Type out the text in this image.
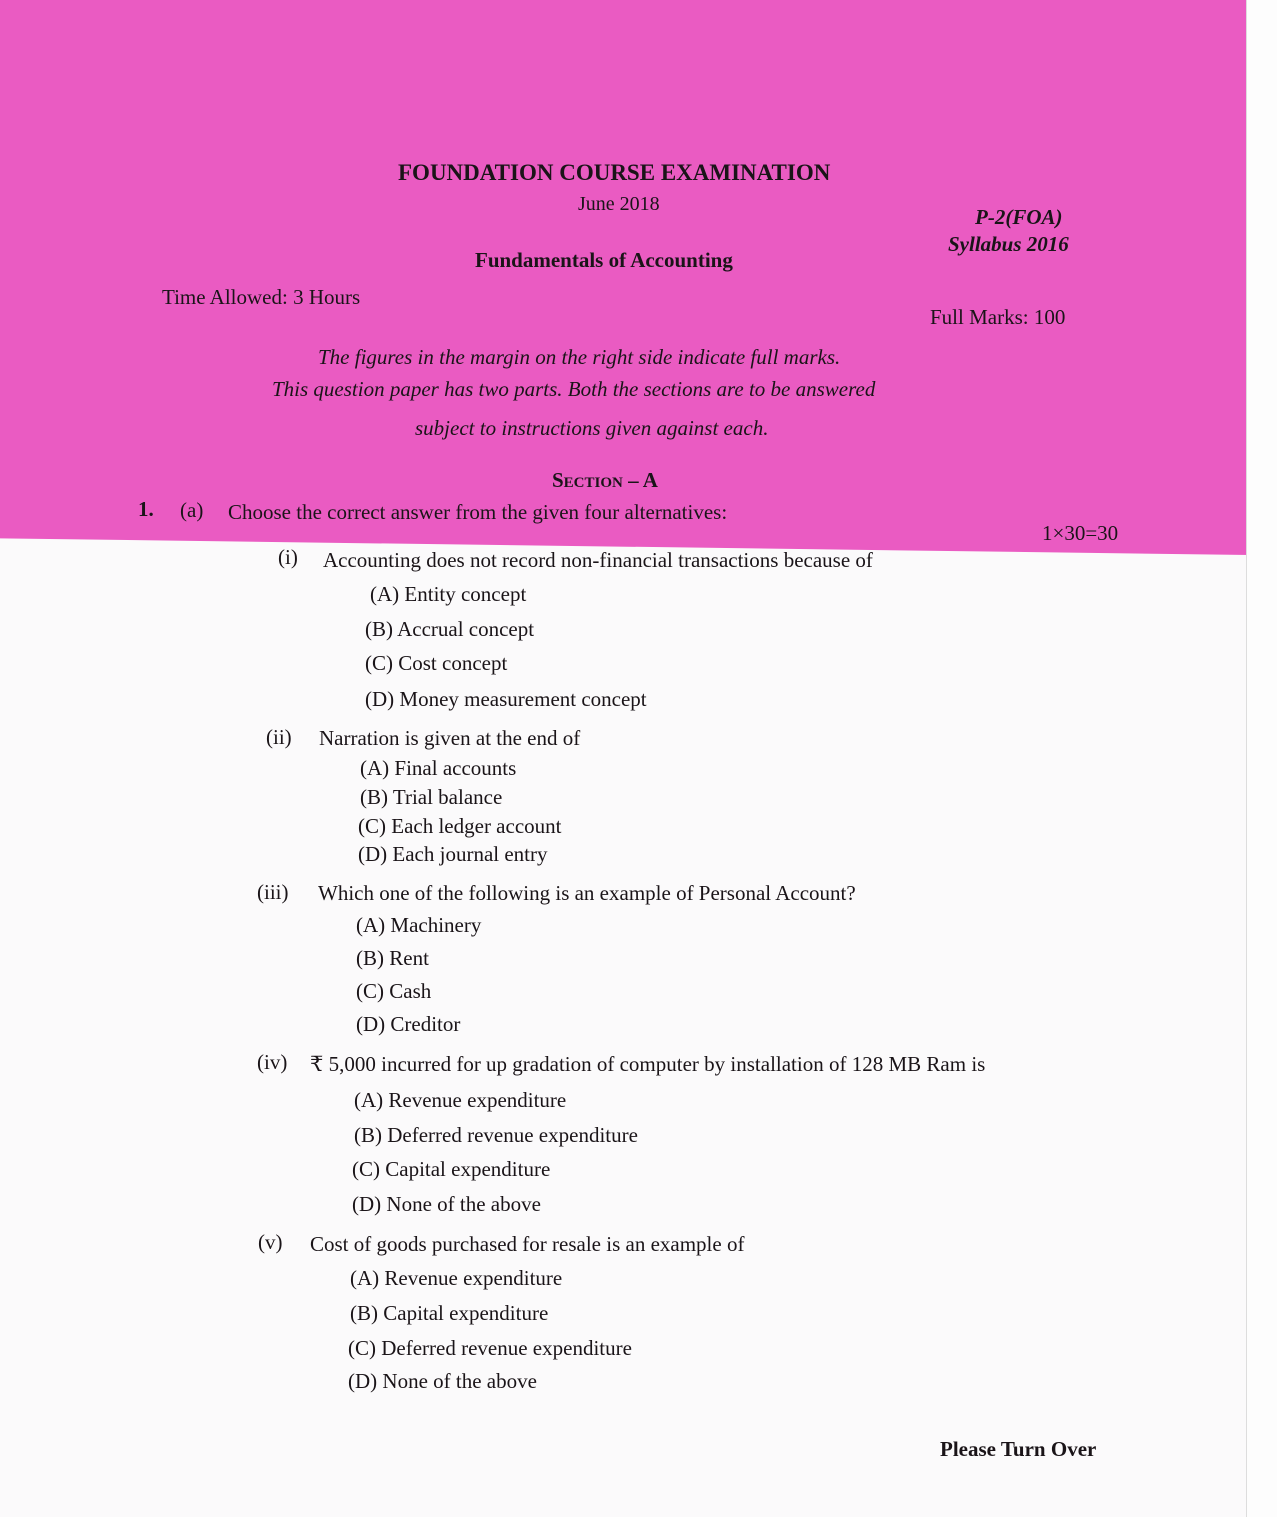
FOUNDATION COURSE EXAMINATION
June 2018
P-2(FOA)
Syllabus 2016
Fundamentals of Accounting
Time Allowed: 3 Hours
Full Marks: 100
The figures in the margin on the right side indicate full marks.
This question paper has two parts. Both the sections are to be answered
subject to instructions given against each.
Section – A
1. (a) Choose the correct answer from the given four alternatives:
1×30=30
(i) Accounting does not record non-financial transactions because of
(A) Entity concept
(B) Accrual concept
(C) Cost concept
(D) Money measurement concept
(ii) Narration is given at the end of
(A) Final accounts
(B) Trial balance
(C) Each ledger account
(D) Each journal entry
(iii) Which one of the following is an example of Personal Account?
(A) Machinery
(B) Rent
(C) Cash
(D) Creditor
(iv) ₹ 5,000 incurred for up gradation of computer by installation of 128 MB Ram is
(A) Revenue expenditure
(B) Deferred revenue expenditure
(C) Capital expenditure
(D) None of the above
(v) Cost of goods purchased for resale is an example of
(A) Revenue expenditure
(B) Capital expenditure
(C) Deferred revenue expenditure
(D) None of the above
Please Turn Over
